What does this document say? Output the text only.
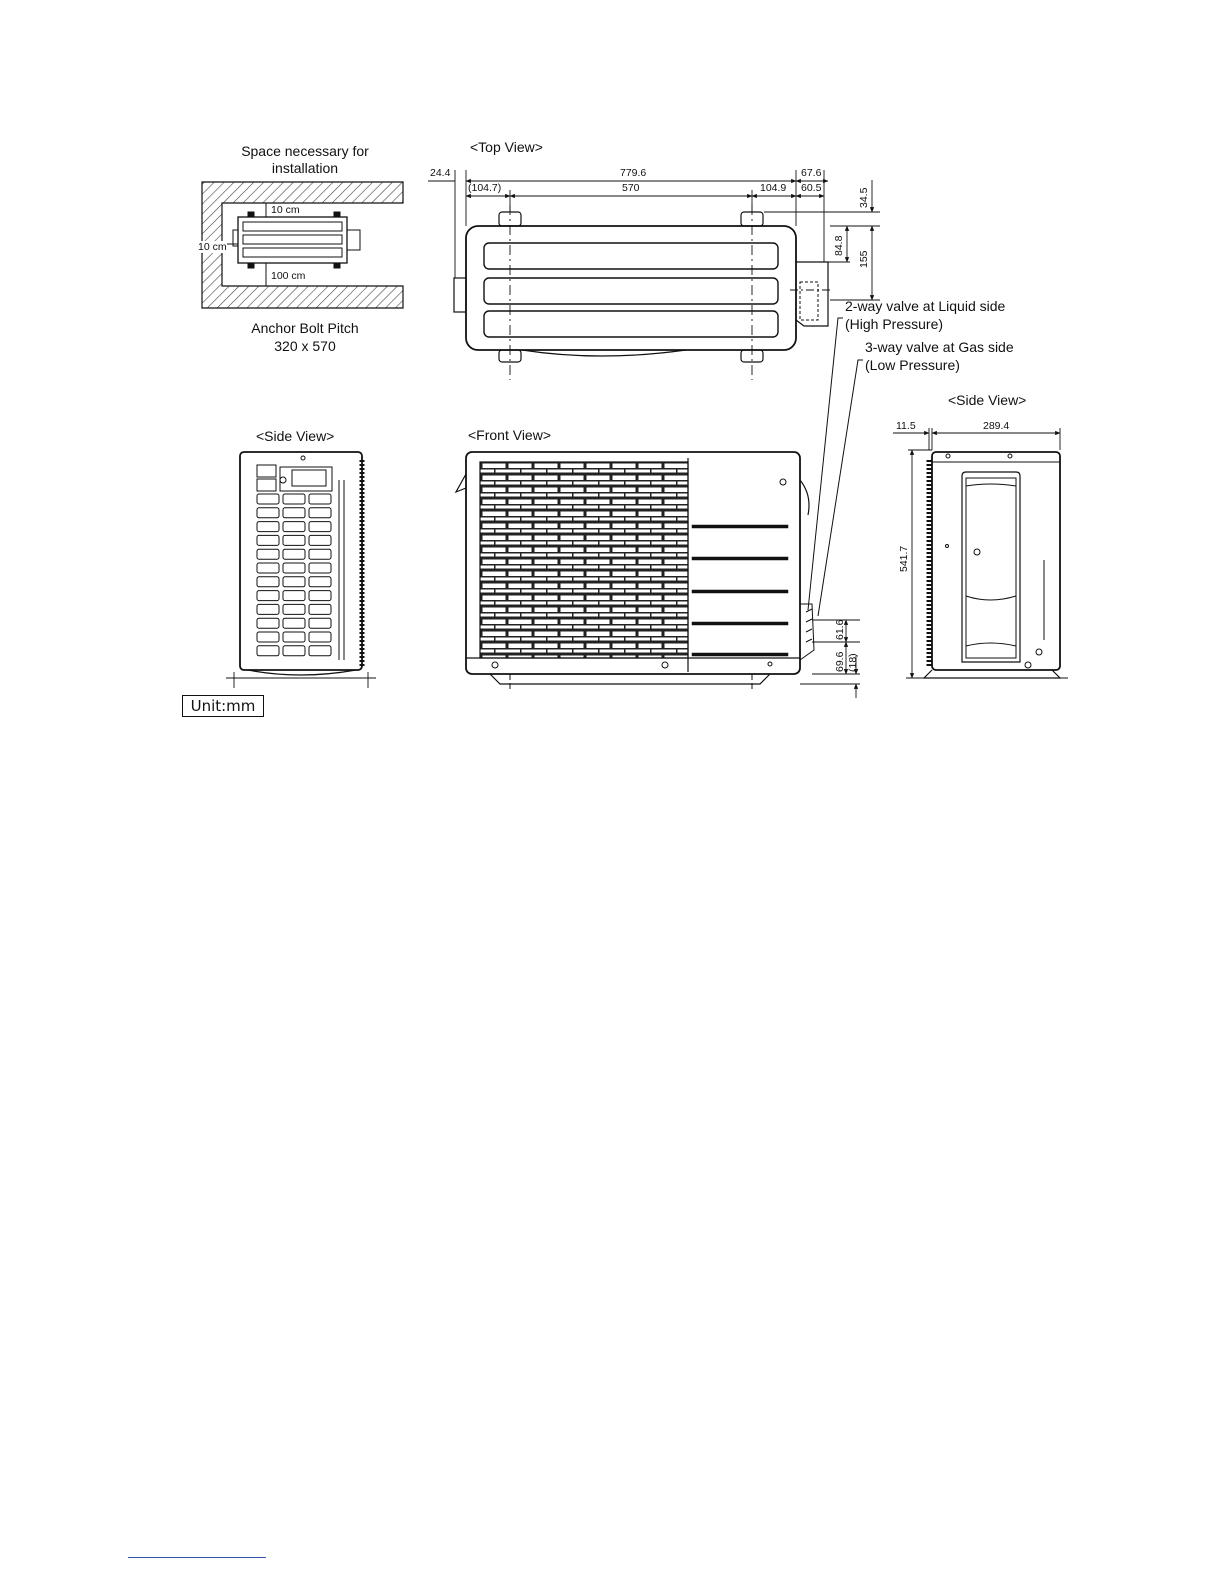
Space necessary for
installation
10 cm
10 cm
100 cm
Anchor Bolt Pitch
320 x 570
<Top View>
24.4	779.6	67.6
(104.7)	570	104.9 60.5	34.5
84.8
155
2-way valve at Liquid side
(High Pressure)
3-way valve at Gas side
(Low Pressure)
<Side View>	<Front View>
61.6
69.6 (18)
<Side View>
11.5	289.4
541.7
Unit:mm
